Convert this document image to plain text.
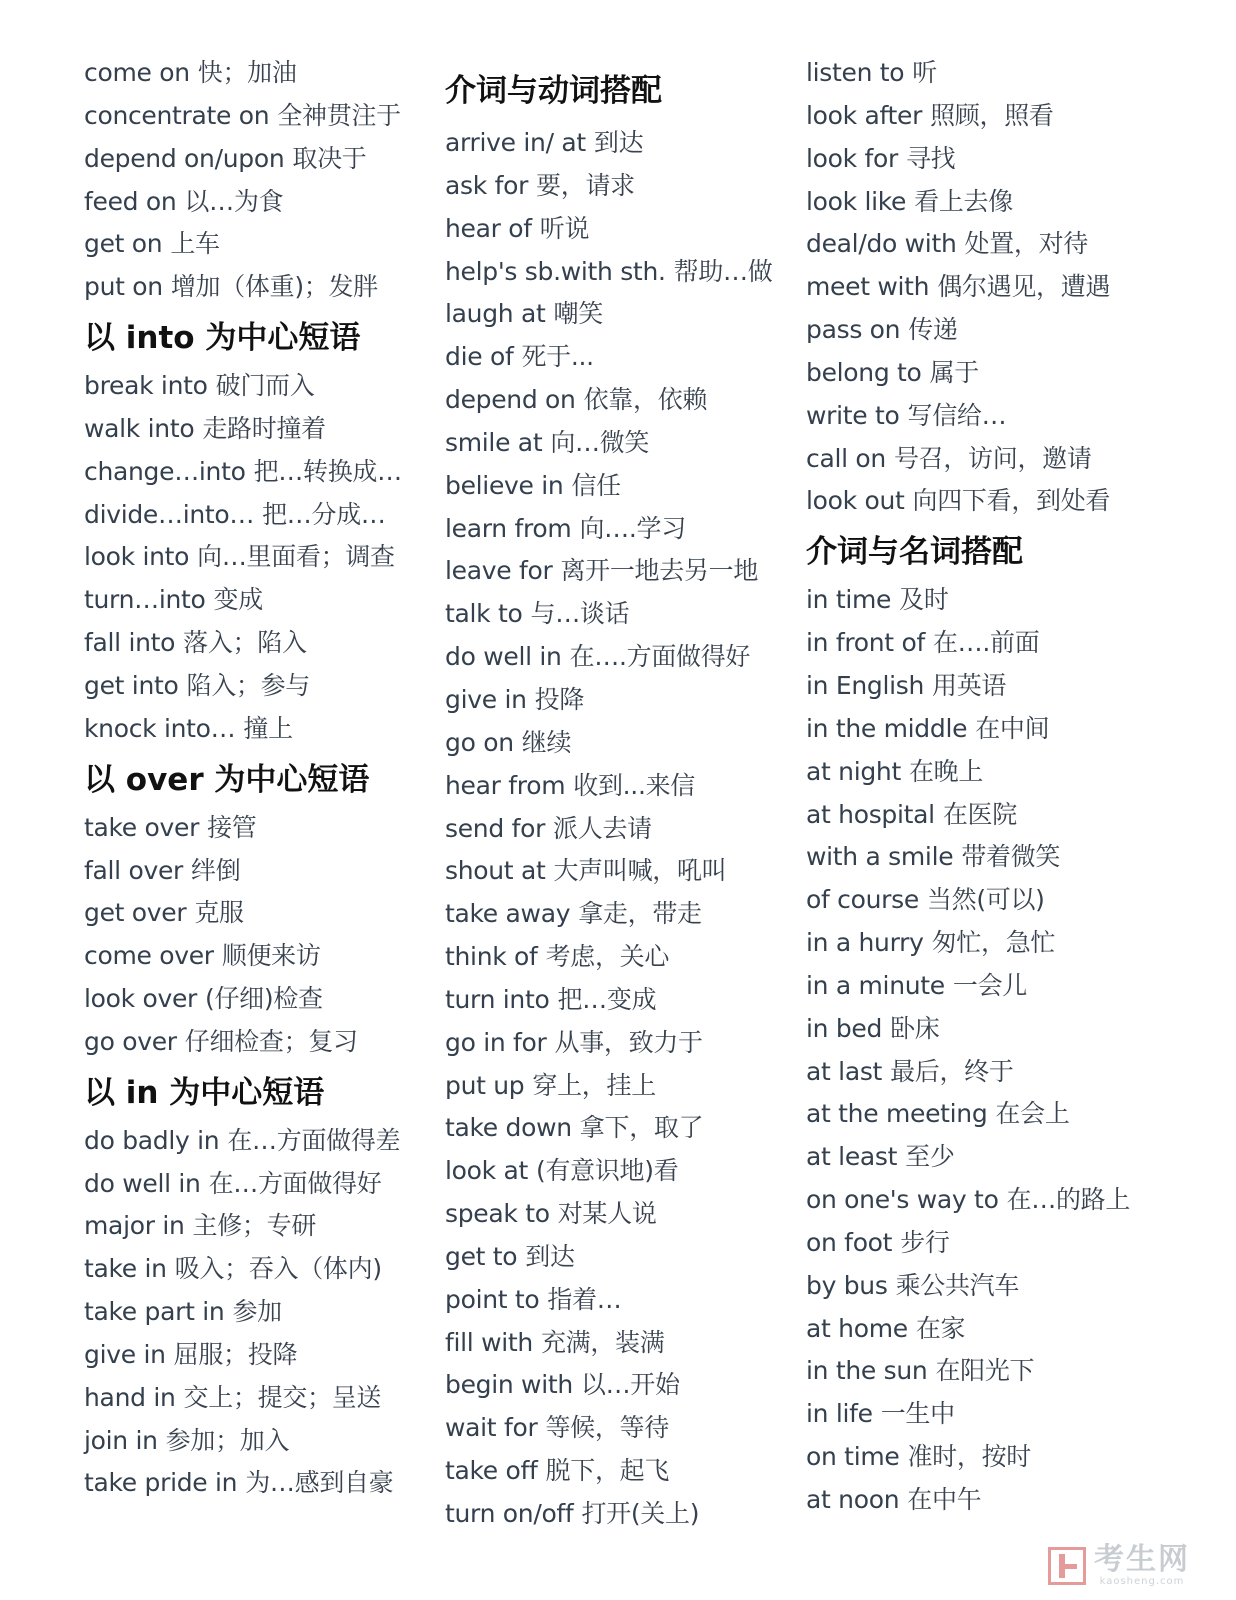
come on 快；加油
concentrate on 全神贯注于
depend on/upon 取决于
feed on 以…为食
get on 上车
put on 增加（体重)；发胖
以 into 为中心短语
break into 破门而入
walk into 走路时撞着
change…into 把…转换成…
divide…into… 把…分成…
look into 向…里面看；调查
turn…into 变成
fall into 落入；陷入
get into 陷入；参与
knock into… 撞上
以 over 为中心短语
take over 接管
fall over 绊倒
get over 克服
come over 顺便来访
look over (仔细)检查
go over 仔细检查；复习
以 in 为中心短语
do badly in 在…方面做得差
do well in 在…方面做得好
major in 主修；专研
take in 吸入；吞入（体内)
take part in 参加
give in 屈服；投降
hand in 交上；提交；呈送
join in 参加；加入
take pride in 为…感到自豪
介词与动词搭配
arrive in/ at 到达
ask for 要，请求
hear of 听说
help's sb.with sth. 帮助…做
laugh at 嘲笑
die of 死于...
depend on 依靠，依赖
smile at 向…微笑
believe in 信任
learn from 向….学习
leave for 离开一地去另一地
talk to 与…谈话
do well in 在….方面做得好
give in 投降
go on 继续
hear from 收到...来信
send for 派人去请
shout at 大声叫喊，吼叫
take away 拿走，带走
think of 考虑，关心
turn into 把…变成
go in for 从事，致力于
put up 穿上，挂上
take down 拿下，取了
look at (有意识地)看
speak to 对某人说
get to 到达
point to 指着…
fill with 充满，装满
begin with 以…开始
wait for 等候，等待
take off 脱下，起飞
turn on/off 打开(关上)
listen to 听
look after 照顾，照看
look for 寻找
look like 看上去像
deal/do with 处置，对待
meet with 偶尔遇见，遭遇
pass on 传递
belong to 属于
write to 写信给…
call on 号召，访问，邀请
look out 向四下看，到处看
介词与名词搭配
in time 及时
in front of 在….前面
in English 用英语
in the middle 在中间
at night 在晚上
at hospital 在医院
with a smile 带着微笑
of course 当然(可以)
in a hurry 匆忙，急忙
in a minute 一会儿
in bed 卧床
at last 最后，终于
at the meeting 在会上
at least 至少
on one's way to 在…的路上
on foot 步行
by bus 乘公共汽车
at home 在家
in the sun 在阳光下
in life 一生中
on time 准时，按时
at noon 在中午
考生网
kaosheng.com
